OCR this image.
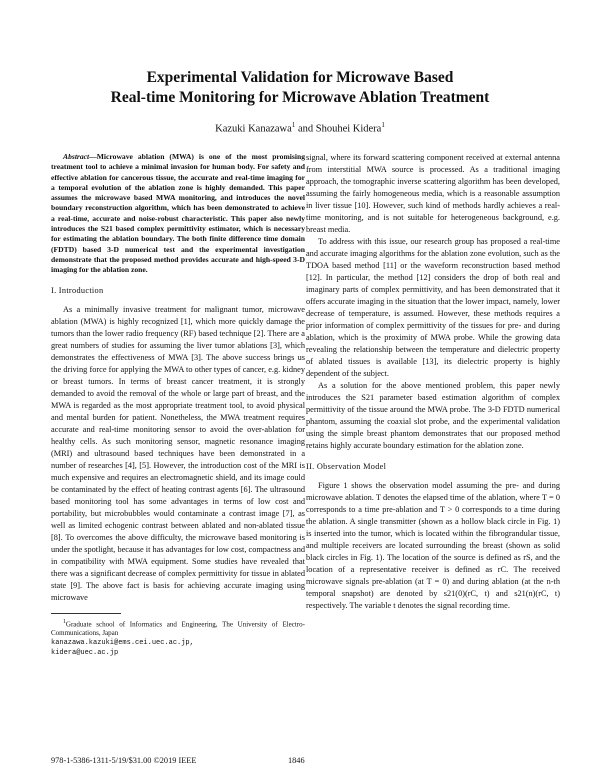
Experimental Validation for Microwave Based
Real-time Monitoring for Microwave Ablation Treatment
Kazuki Kanazawa$^1$ and Shouhei Kidera$^1$

Abstract—Microwave ablation (MWA) is one of the most promising treatment tool to achieve a minimal invasion for human body. For safety and effective ablation for cancerous tissue, the accurate and real-time imaging for a temporal evolution of the ablation zone is highly demanded. This paper assumes the microwave based MWA monitoring, and introduces the novel boundary reconstruction algorithm, which has been demonstrated to achieve a real-time, accurate and noise-robust characteristic. This paper also newly introduces the S21 based complex permittivity estimator, which is necessary for estimating the ablation boundary. The both finite difference time domain (FDTD) based 3-D numerical test and the experimental investigation demonstrate that the proposed method provides accurate and high-speed 3-D imaging for the ablation zone.

I. Introduction

As a minimally invasive treatment for malignant tumor, microwave ablation (MWA) is highly recognized [1], which more quickly damage the tumors than the lower radio frequency (RF) based technique [2]. There are a great numbers of studies for assuming the liver tumor ablations [3], which demonstrates the effectiveness of MWA [3]. The above success brings us the driving force for applying the MWA to other types of cancer, e.g. kidney or breast tumors. In terms of breast cancer treatment, it is strongly demanded to avoid the removal of the whole or large part of breast, and the MWA is regarded as the most appropriate treatment tool, to avoid physical and mental burden for patient. Nonetheless, the MWA treatment requires accurate and real-time monitoring sensor to avoid the over-ablation for healthy cells. As such monitoring sensor, magnetic resonance imaging (MRI) and ultrasound based techniques have been demonstrated in a number of researches [4], [5]. However, the introduction cost of the MRI is much expensive and requires an electromagnetic shield, and its image could be contaminated by the effect of heating contrast agents [6]. The ultrasound based monitoring tool has some advantages in terms of low cost and portability, but microbubbles would contaminate a contrast image [7], as well as limited echogenic contrast between ablated and non-ablated tissue [8]. To overcomes the above difficulty, the microwave based monitoring is under the spotlight, because it has advantages for low cost, compactness and in compatibility with MWA equipment. Some studies have revealed that there was a significant decrease of complex permittivity for tissue in ablated state [9]. The above fact is basis for achieving accurate imaging using microwave

$^1$Graduate school of Informatics and Engineering, The University of Electro-Communications, Japan
kanazawa.kazuki@ems.cei.uec.ac.jp,
kidera@uec.ac.jp

signal, where its forward scattering component received at external antenna from interstitial MWA source is processed. As a traditional imaging approach, the tomographic inverse scattering algorithm has been developed, assuming the fairly homogeneous media, which is a reasonable assumption in liver tissue [10]. However, such kind of methods hardly achieves a real-time monitoring, and is not suitable for heterogeneous background, e.g. breast media.

To address with this issue, our research group has proposed a real-time and accurate imaging algorithms for the ablation zone evolution, such as the TDOA based method [11] or the waveform reconstruction based method [12]. In particular, the method [12] considers the drop of both real and imaginary parts of complex permittivity, and has been demonstrated that it offers accurate imaging in the situation that the lower impact, namely, lower decrease of temperature, is assumed. However, these methods requires a prior information of complex permittivity of the tissues for pre- and during ablation, which is the proximity of MWA probe. While the growing data revealing the relationship between the temperature and dielectric property of ablated tissues is available [13], its dielectric property is highly dependent of the subject.

As a solution for the above mentioned problem, this paper newly introduces the S21 parameter based estimation algorithm of complex permittivity of the tissue around the MWA probe. The 3-D FDTD numerical phantom, assuming the coaxial slot probe, and the experimental validation using the simple breast phantom demonstrates that our proposed method retains highly accurate boundary estimation for the ablation zone.

II. Observation Model

Figure 1 shows the observation model assuming the pre- and during microwave ablation. T denotes the elapsed time of the ablation, where T = 0 corresponds to a time pre-ablation and T > 0 corresponds to a time during the ablation. A single transmitter (shown as a hollow black circle in Fig. 1) is inserted into the tumor, which is located within the fibrograndular tissue, and multiple receivers are located surrounding the breast (shown as solid black circles in Fig. 1). The location of the source is defined as rS, and the location of a representative receiver is defined as rC. The received microwave signals pre-ablation (at T = 0) and during ablation (at the n-th temporal snapshot) are denoted by s21(0)(rC, t) and s21(n)(rC, t) respectively. The variable t denotes the signal recording time.

978-1-5386-1311-5/19/$31.00 ©2019 IEEE	1846
